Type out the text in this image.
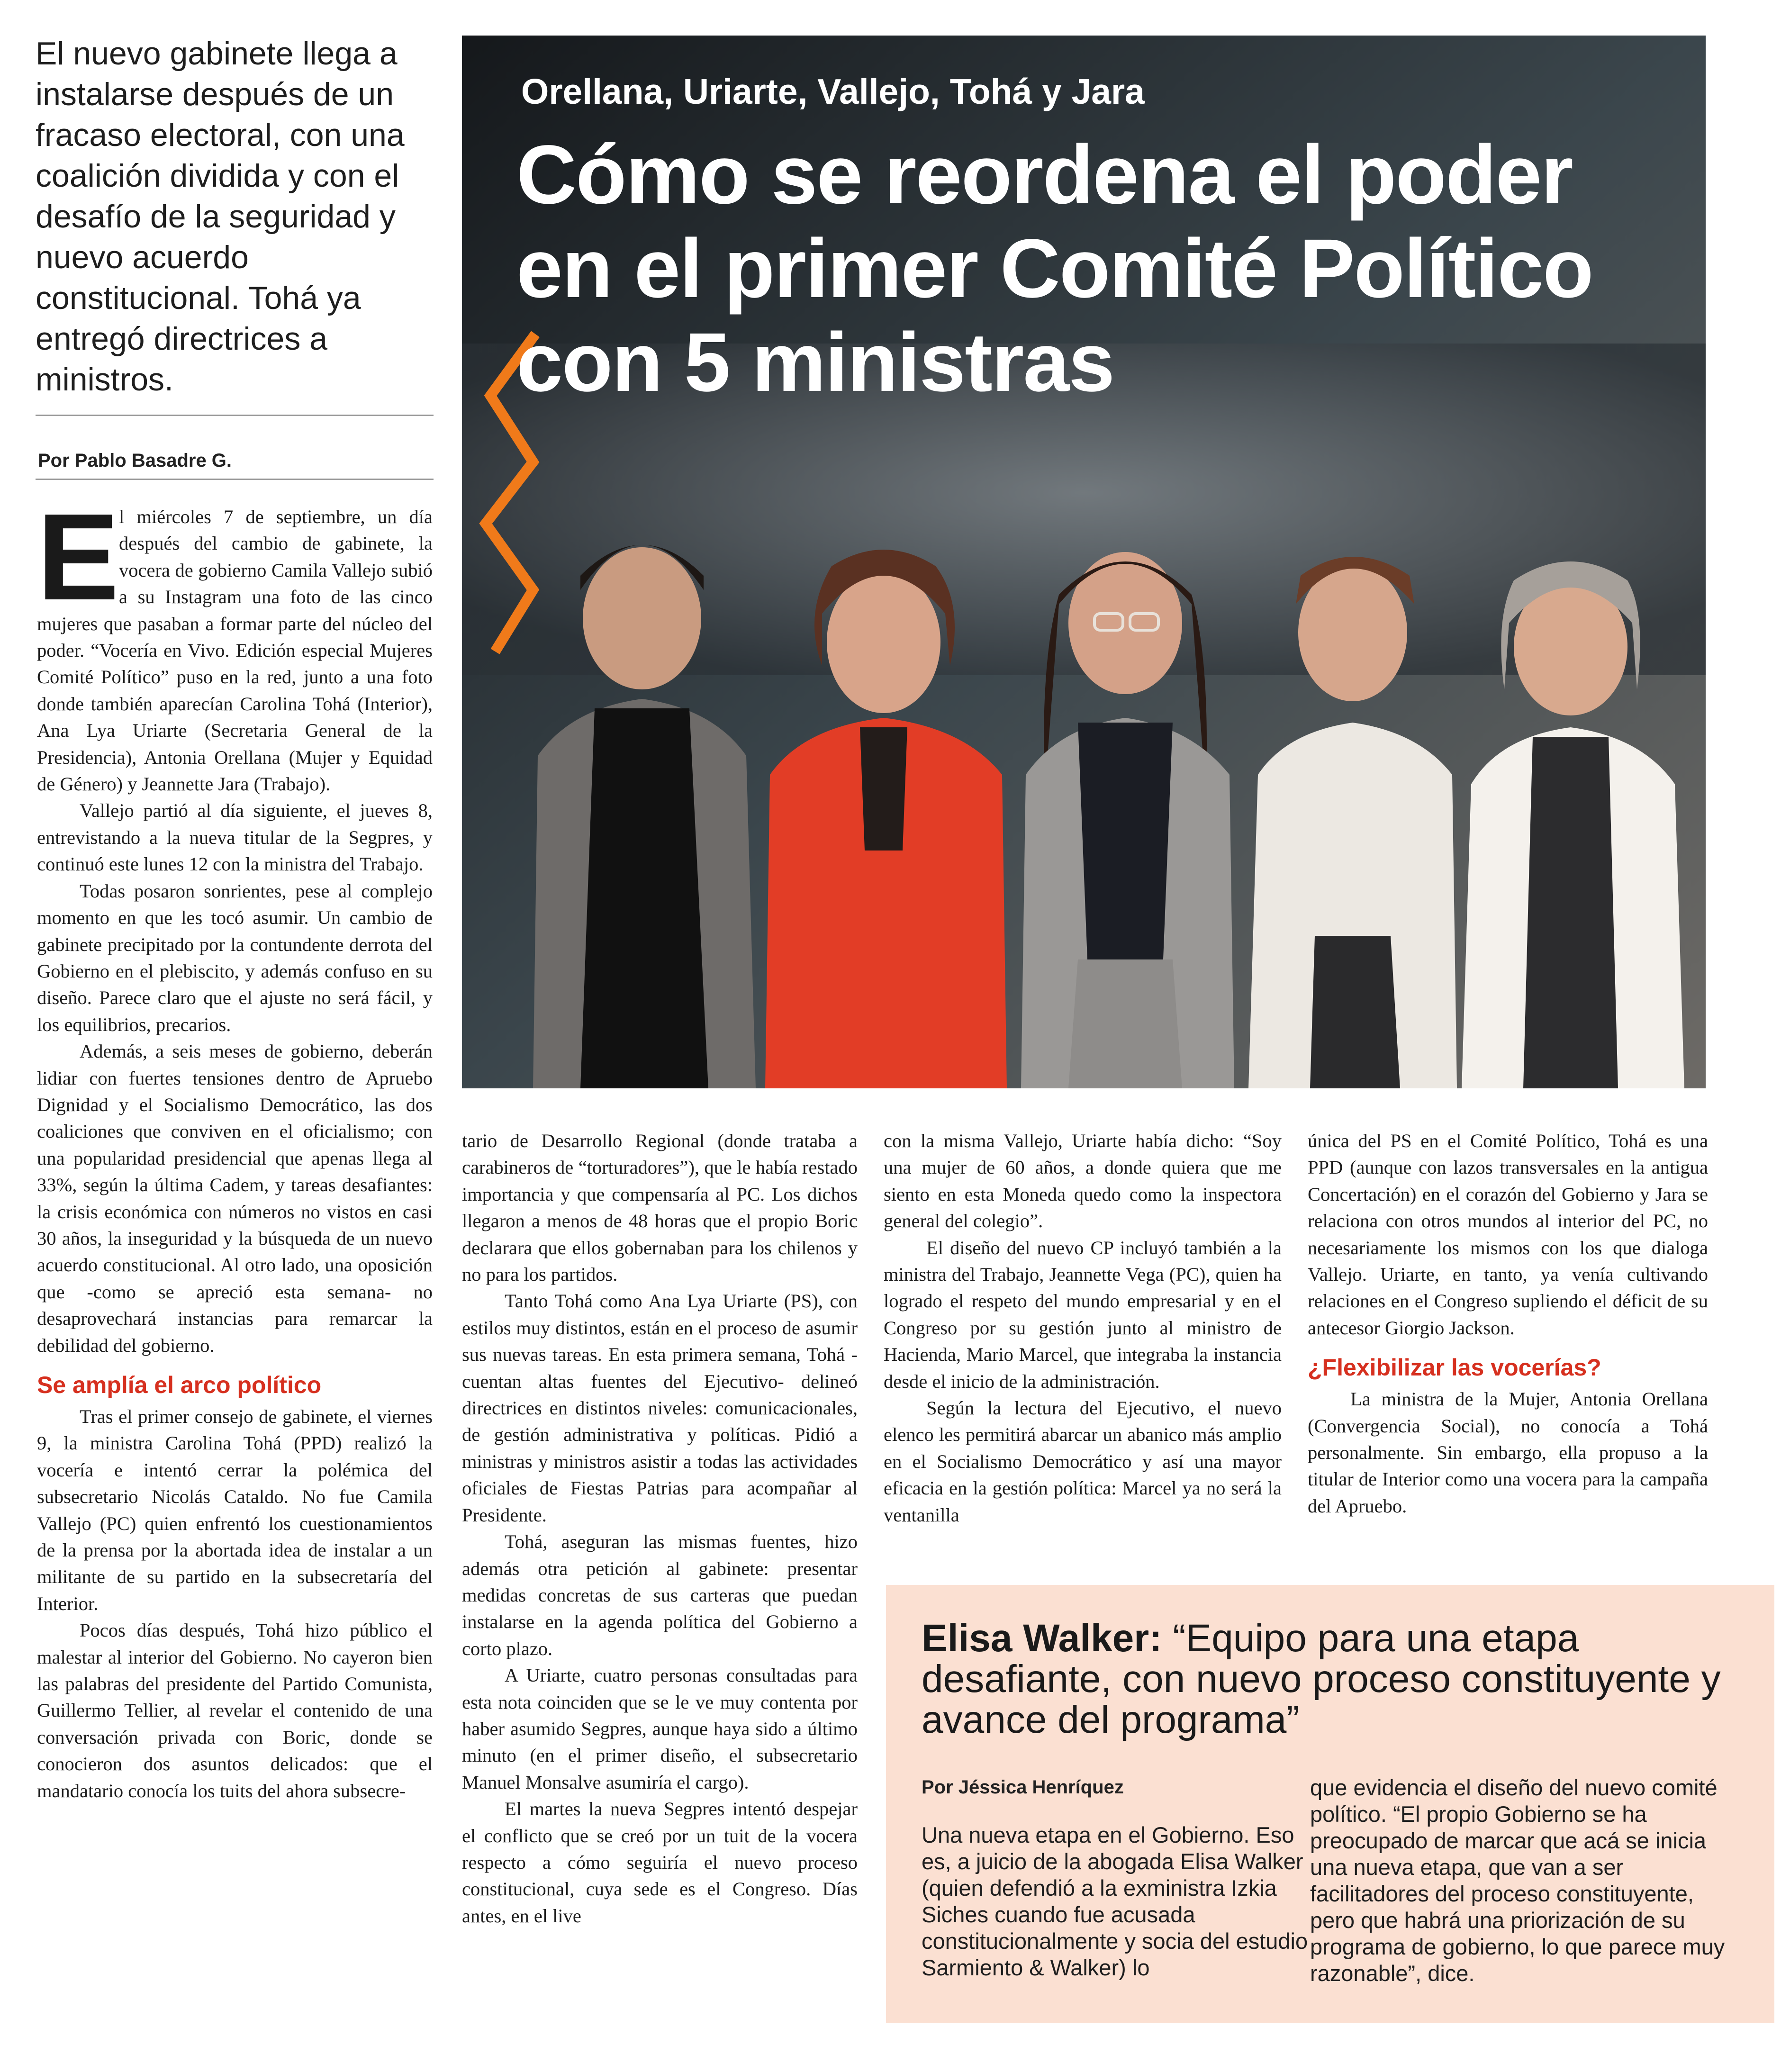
El nuevo gabinete llega a instalarse después de un fracaso electoral, con una coalición dividida y con el desafío de la seguridad y nuevo acuerdo constitucional. Tohá ya entregó directrices a ministros.
Por Pablo Basadre G.
Orellana, Uriarte, Vallejo, Tohá y Jara
Cómo se reordena el poder en el primer Comité Político con 5 ministras
E l miércoles 7 de septiembre, un día después del cambio de gabinete, la vocera de gobierno Camila Vallejo subió a su Instagram una foto de las cinco mujeres que pasaban a formar parte del núcleo del poder. “Vocería en Vivo. Edición especial Mujeres Comité Político” puso en la red, junto a una foto donde también aparecían Carolina Tohá (Interior), Ana Lya Uriarte (Secretaria General de la Presidencia), Antonia Orellana (Mujer y Equidad de Género) y Jeannette Jara (Trabajo).

Vallejo partió al día siguiente, el jueves 8, entrevistando a la nueva titular de la Segpres, y continuó este lunes 12 con la ministra del Trabajo.

Todas posaron sonrientes, pese al complejo momento en que les tocó asumir. Un cambio de gabinete precipitado por la contundente derrota del Gobierno en el plebiscito, y además confuso en su diseño. Parece claro que el ajuste no será fácil, y los equilibrios, precarios.

Además, a seis meses de gobierno, deberán lidiar con fuertes tensiones dentro de Apruebo Dignidad y el Socialismo Democrático, las dos coaliciones que conviven en el oficialismo; con una popularidad presidencial que apenas llega al 33%, según la última Cadem, y tareas desafiantes: la crisis económica con números no vistos en casi 30 años, la inseguridad y la búsqueda de un nuevo acuerdo constitucional. Al otro lado, una oposición que -como se apreció esta semana- no desaprovechará instancias para remarcar la debilidad del gobierno.

Se amplía el arco político

Tras el primer consejo de gabinete, el viernes 9, la ministra Carolina Tohá (PPD) realizó la vocería e intentó cerrar la polémica del subsecretario Nicolás Cataldo. No fue Camila Vallejo (PC) quien enfrentó los cuestionamientos de la prensa por la abortada idea de instalar a un militante de su partido en la subsecretaría del Interior.

Pocos días después, Tohá hizo público el malestar al interior del Gobierno. No cayeron bien las palabras del presidente del Partido Comunista, Guillermo Tellier, al revelar el contenido de una conversación privada con Boric, donde se conocieron dos asuntos delicados: que el mandatario conocía los tuits del ahora subsecre-

tario de Desarrollo Regional (donde trataba a carabineros de “torturadores”), que le había restado importancia y que compensaría al PC. Los dichos llegaron a menos de 48 horas que el propio Boric declarara que ellos gobernaban para los chilenos y no para los partidos.

Tanto Tohá como Ana Lya Uriarte (PS), con estilos muy distintos, están en el proceso de asumir sus nuevas tareas. En esta primera semana, Tohá -cuentan altas fuentes del Ejecutivo- delineó directrices en distintos niveles: comunicacionales, de gestión administrativa y políticas. Pidió a ministras y ministros asistir a todas las actividades oficiales de Fiestas Patrias para acompañar al Presidente.

Tohá, aseguran las mismas fuentes, hizo además otra petición al gabinete: presentar medidas concretas de sus carteras que puedan instalarse en la agenda política del Gobierno a corto plazo.

A Uriarte, cuatro personas consultadas para esta nota coinciden que se le ve muy contenta por haber asumido Segpres, aunque haya sido a último minuto (en el primer diseño, el subsecretario Manuel Monsalve asumiría el cargo).

El martes la nueva Segpres intentó despejar el conflicto que se creó por un tuit de la vocera respecto a cómo seguiría el nuevo proceso constitucional, cuya sede es el Congreso. Días antes, en el live

con la misma Vallejo, Uriarte había dicho: “Soy una mujer de 60 años, a donde quiera que me siento en esta Moneda quedo como la inspectora general del colegio”.

El diseño del nuevo CP incluyó también a la ministra del Trabajo, Jeannette Vega (PC), quien ha logrado el respeto del mundo empresarial y en el Congreso por su gestión junto al ministro de Hacienda, Mario Marcel, que integraba la instancia desde el inicio de la administración.

Según la lectura del Ejecutivo, el nuevo elenco les permitirá abarcar un abanico más amplio en el Socialismo Democrático y así una mayor eficacia en la gestión política: Marcel ya no será la ventanilla

única del PS en el Comité Político, Tohá es una PPD (aunque con lazos transversales en la antigua Concertación) en el corazón del Gobierno y Jara se relaciona con otros mundos al interior del PC, no necesariamente los mismos con los que dialoga Vallejo. Uriarte, en tanto, ya venía cultivando relaciones en el Congreso supliendo el déficit de su antecesor Giorgio Jackson.

¿Flexibilizar las vocerías?

La ministra de la Mujer, Antonia Orellana (Convergencia Social), no conocía a Tohá personalmente. Sin embargo, ella propuso a la titular de Interior como una vocera para la campaña del Apruebo.

Elisa Walker: “Equipo para una etapa desafiante, con nuevo proceso constituyente y avance del programa”
Por Jéssica Henríquez
Una nueva etapa en el Gobierno. Eso es, a juicio de la abogada Elisa Walker (quien defendió a la exministra Izkia Siches cuando fue acusada constitucionalmente y socia del estudio Sarmiento & Walker) lo
que evidencia el diseño del nuevo comité político. “El propio Gobierno se ha preocupado de marcar que acá se inicia una nueva etapa, que van a ser facilitadores del proceso constituyente, pero que habrá una priorización de su programa de gobierno, lo que parece muy razonable”, dice.
